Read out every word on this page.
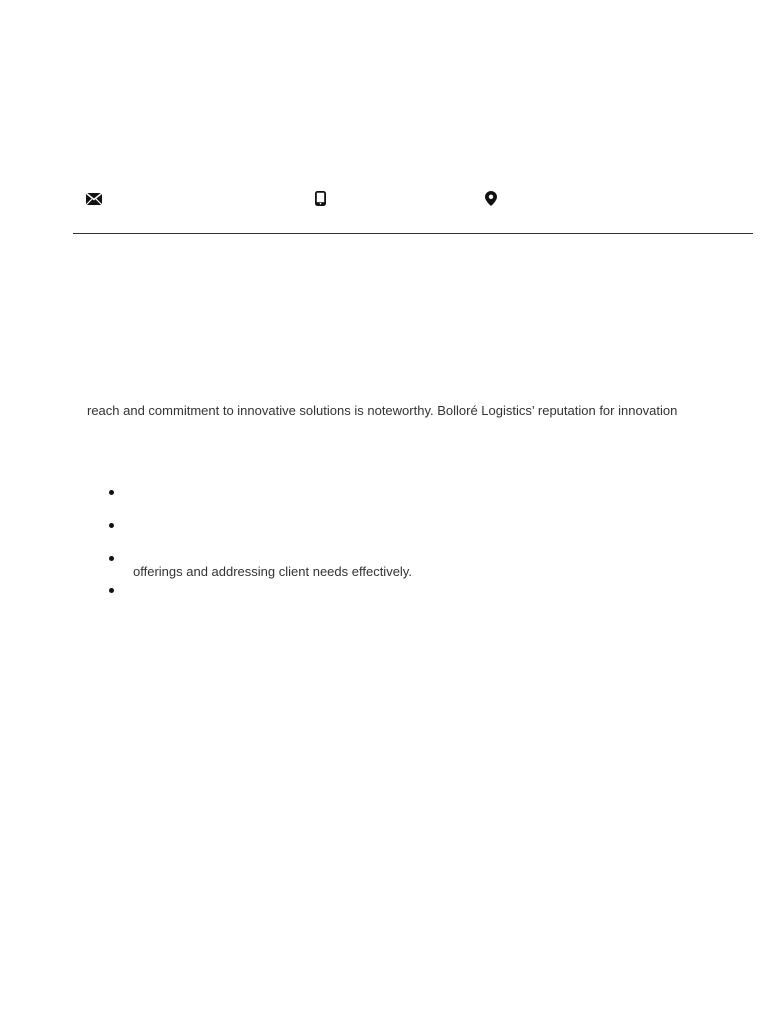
reach and commitment to innovative solutions is noteworthy. Bolloré Logistics’ reputation for innovation

offerings and addressing client needs effectively.
